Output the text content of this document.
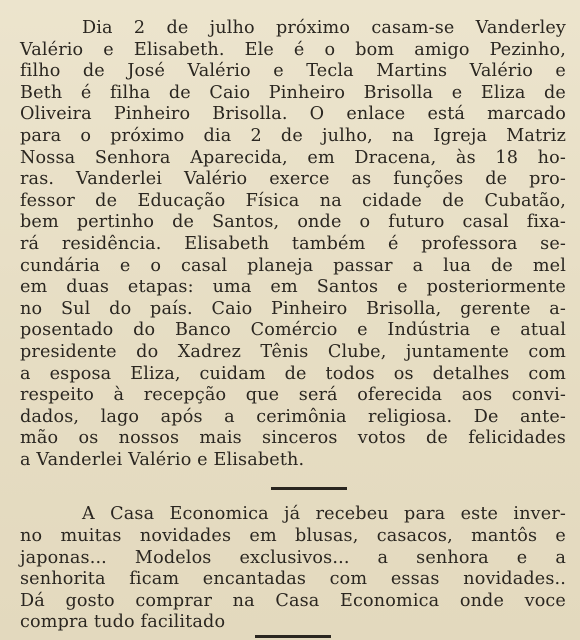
Dia 2 de julho próximo casam-se Vanderley
Valério e Elisabeth. Ele é o bom amigo Pezinho,
filho de José Valério e Tecla Martins Valério e
Beth é filha de Caio Pinheiro Brisolla e Eliza de
Oliveira Pinheiro Brisolla. O enlace está marcado
para o próximo dia 2 de julho, na Igreja Matriz
Nossa Senhora Aparecida, em Dracena, às 18 ho-
ras. Vanderlei Valério exerce as funções de pro-
fessor de Educação Física na cidade de Cubatão,
bem pertinho de Santos, onde o futuro casal fixa-
rá residência. Elisabeth também é professora se-
cundária e o casal planeja passar a lua de mel
em duas etapas: uma em Santos e posteriormente
no Sul do país. Caio Pinheiro Brisolla, gerente a-
posentado do Banco Comércio e Indústria e atual
presidente do Xadrez Tênis Clube, juntamente com
a esposa Eliza, cuidam de todos os detalhes com
respeito à recepção que será oferecida aos convi-
dados, lago após a cerimônia religiosa. De ante-
mão os nossos mais sinceros votos de felicidades
a Vanderlei Valério e Elisabeth.
A Casa Economica já recebeu para este inver-
no muitas novidades em blusas, casacos, mantôs e
japonas... Modelos exclusivos... a senhora e a
senhorita ficam encantadas com essas novidades..
Dá gosto comprar na Casa Economica onde voce
compra tudo facilitado
